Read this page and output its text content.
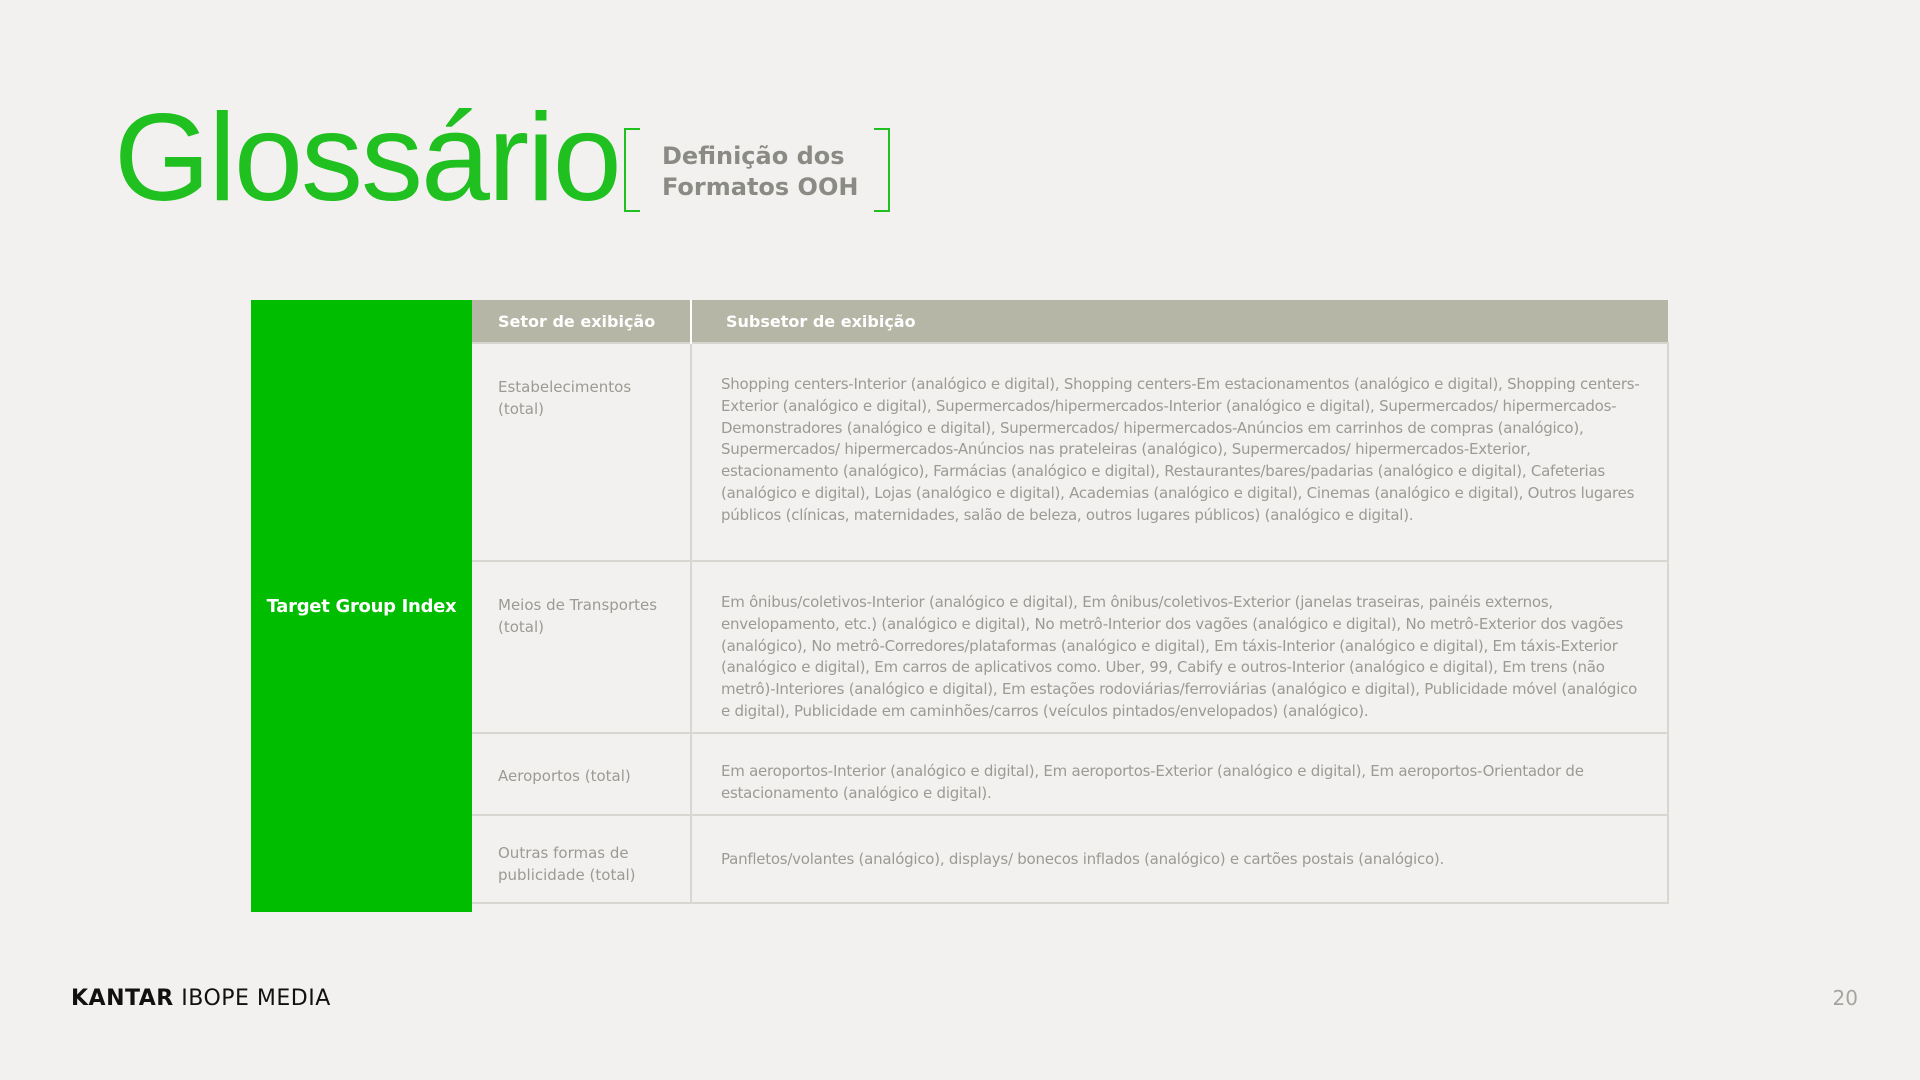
Glossário Definição dos
Formatos OOH
Target Group Index
Setor de exibição	Subsetor de exibição
Estabelecimentos (total)	Shopping centers-Interior (analógico e digital), Shopping centers-Em estacionamentos (analógico e digital), Shopping centers-Exterior (analógico e digital), Supermercados/hipermercados-Interior (analógico e digital), Supermercados/ hipermercados-Demonstradores (analógico e digital), Supermercados/ hipermercados-Anúncios em carrinhos de compras (analógico), Supermercados/ hipermercados-Anúncios nas prateleiras (analógico), Supermercados/ hipermercados-Exterior, estacionamento (analógico), Farmácias (analógico e digital), Restaurantes/bares/padarias (analógico e digital), Cafeterias (analógico e digital), Lojas (analógico e digital), Academias (analógico e digital), Cinemas (analógico e digital), Outros lugares públicos (clínicas, maternidades, salão de beleza, outros lugares públicos) (analógico e digital).
Meios de Transportes (total)	Em ônibus/coletivos-Interior (analógico e digital), Em ônibus/coletivos-Exterior (janelas traseiras, painéis externos, envelopamento, etc.) (analógico e digital), No metrô-Interior dos vagões (analógico e digital), No metrô-Exterior dos vagões (analógico), No metrô-Corredores/plataformas (analógico e digital), Em táxis-Interior (analógico e digital), Em táxis-Exterior (analógico e digital), Em carros de aplicativos como. Uber, 99, Cabify e outros-Interior (analógico e digital), Em trens (não metrô)-Interiores (analógico e digital), Em estações rodoviárias/ferroviárias (analógico e digital), Publicidade móvel (analógico e digital), Publicidade em caminhões/carros (veículos pintados/envelopados) (analógico).
Aeroportos (total)	Em aeroportos-Interior (analógico e digital), Em aeroportos-Exterior (analógico e digital), Em aeroportos-Orientador de estacionamento (analógico e digital).
Outras formas de publicidade (total)	Panfletos/volantes (analógico), displays/ bonecos inflados (analógico) e cartões postais (analógico).
KANTAR IBOPE MEDIA	20
